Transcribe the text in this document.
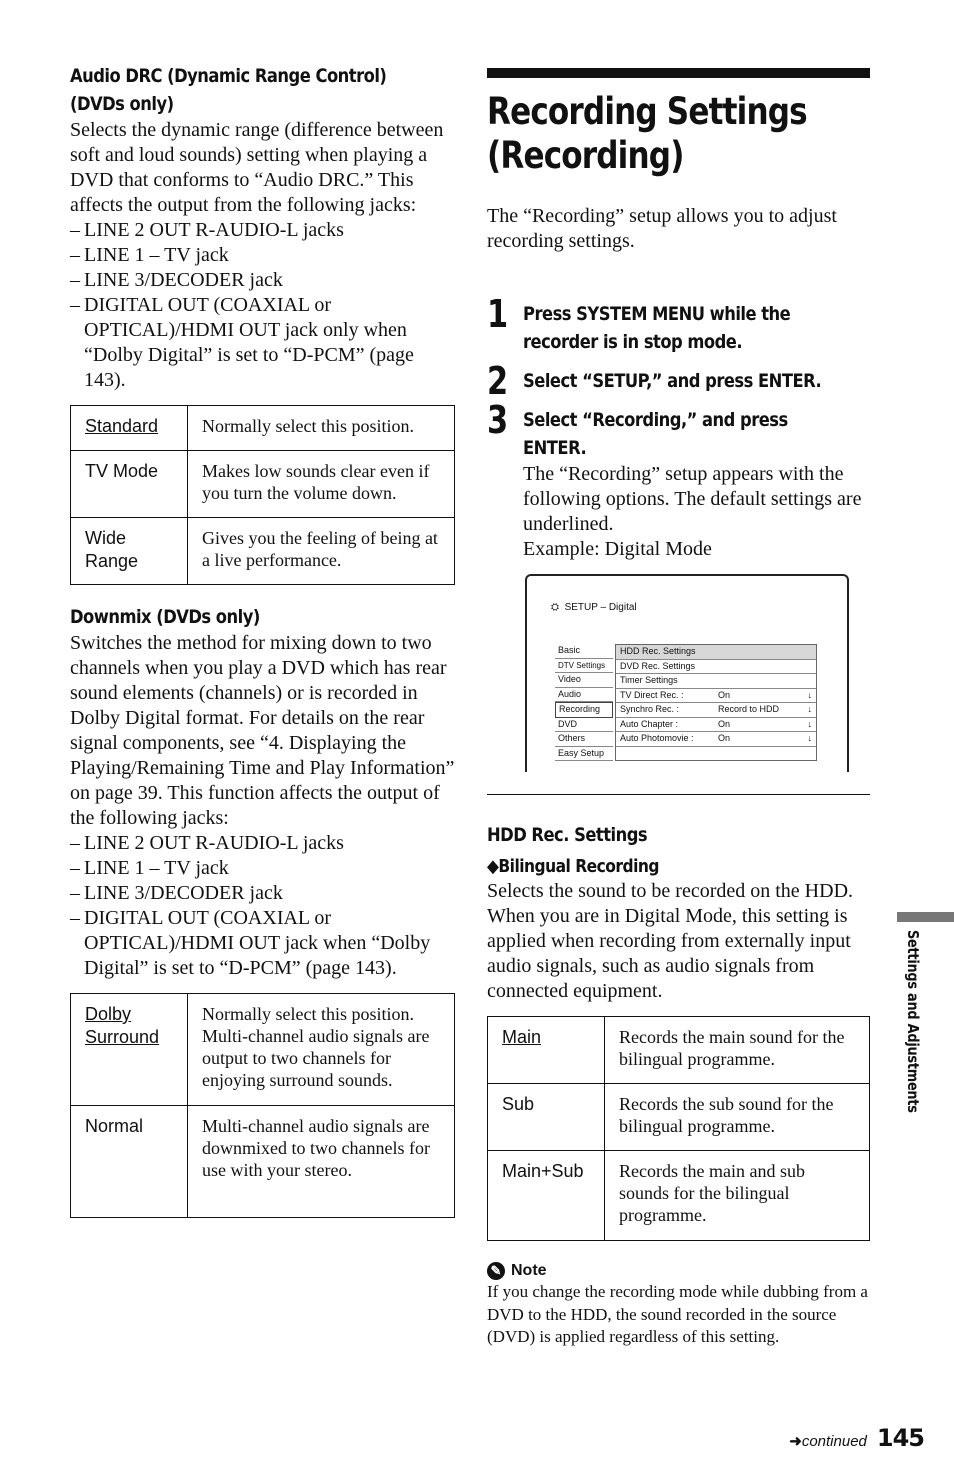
Audio DRC (Dynamic Range Control)
(DVDs only)
Selects the dynamic range (difference between soft and loud sounds) setting when playing a DVD that conforms to “Audio DRC.” This affects the output from the following jacks:
– LINE 2 OUT R-AUDIO-L jacks
– LINE 1 – TV jack
– LINE 3/DECODER jack
– DIGITAL OUT (COAXIAL or OPTICAL)/HDMI OUT jack only when “Dolby Digital” is set to “D-PCM” (page 143).
Standard	Normally select this position.
TV Mode	Makes low sounds clear even if you turn the volume down.
Wide Range	Gives you the feeling of being at a live performance.
Downmix (DVDs only)
Switches the method for mixing down to two channels when you play a DVD which has rear sound elements (channels) or is recorded in Dolby Digital format. For details on the rear signal components, see “4. Displaying the Playing/Remaining Time and Play Information” on page 39. This function affects the output of the following jacks:
– LINE 2 OUT R-AUDIO-L jacks
– LINE 1 – TV jack
– LINE 3/DECODER jack
– DIGITAL OUT (COAXIAL or OPTICAL)/HDMI OUT jack when “Dolby Digital” is set to “D-PCM” (page 143).
Dolby Surround	Normally select this position. Multi-channel audio signals are output to two channels for enjoying surround sounds.
Normal	Multi-channel audio signals are downmixed to two channels for use with your stereo.
Recording Settings
(Recording)
The “Recording” setup allows you to adjust recording settings.
1 Press SYSTEM MENU while the recorder is in stop mode.
2 Select “SETUP,” and press ENTER.
3 Select “Recording,” and press ENTER.
The “Recording” setup appears with the following options. The default settings are underlined.
Example: Digital Mode
⛭ SETUP – Digital
Basic
DTV Settings
Video
Audio
Recording
DVD
Others
Easy Setup
HDD Rec. Settings
DVD Rec. Settings
Timer Settings
TV Direct Rec. :	On	↓
Synchro Rec. :	Record to HDD	↓
Auto Chapter :	On	↓
Auto Photomovie :	On	↓
HDD Rec. Settings
◆Bilingual Recording
Selects the sound to be recorded on the HDD. When you are in Digital Mode, this setting is applied when recording from externally input audio signals, such as audio signals from connected equipment.
Main	Records the main sound for the bilingual programme.
Sub	Records the sub sound for the bilingual programme.
Main+Sub	Records the main and sub sounds for the bilingual programme.
✎ Note
If you change the recording mode while dubbing from a DVD to the HDD, the sound recorded in the source (DVD) is applied regardless of this setting.
Settings and Adjustments
➜continued 145
